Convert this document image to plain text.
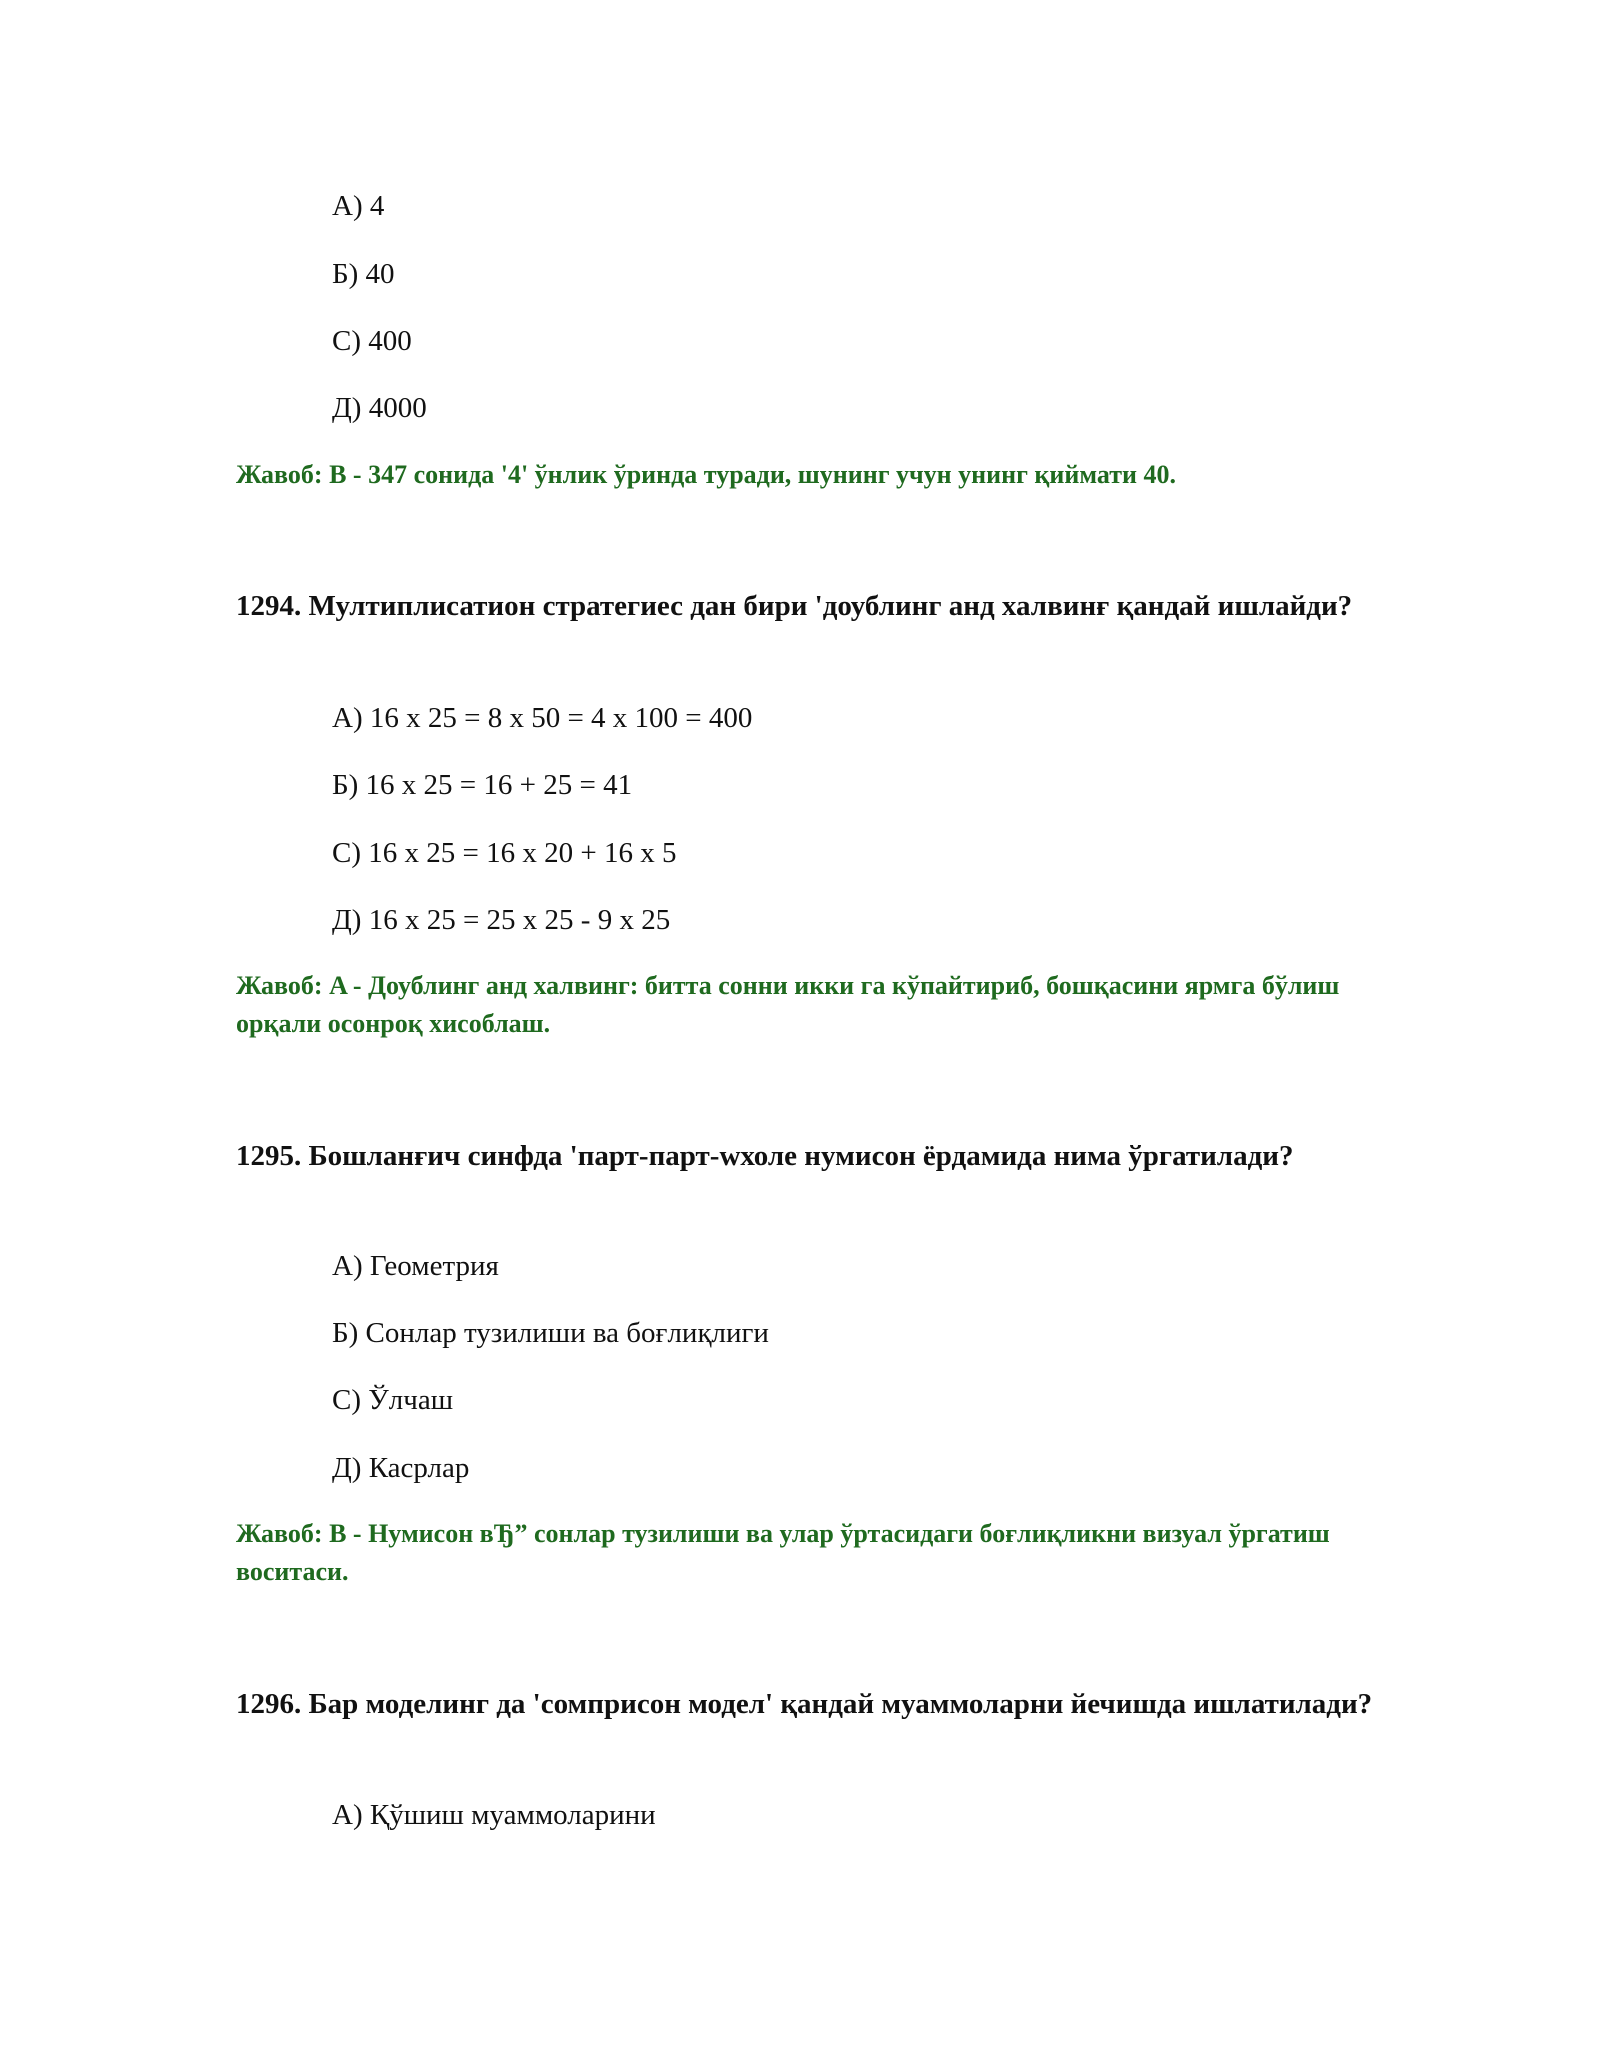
А) 4
Б) 40
С) 400
Д) 4000
Жавоб: B - 347 сонида '4' ўнлик ўринда туради, шунинг учун унинг қиймати 40.
1294. Мултиплисатион стратегиес дан бири 'доублинг анд халвинғ қандай ишлайди?
А) 16 x 25 = 8 x 50 = 4 x 100 = 400
Б) 16 x 25 = 16 + 25 = 41
С) 16 x 25 = 16 x 20 + 16 x 5
Д) 16 x 25 = 25 x 25 - 9 x 25
Жавоб: A - Доублинг анд халвинг: битта сонни икки га кўпайтириб, бошқасини ярмга бўлиш орқали осонроқ хисоблаш.
1295. Бошланғич синфда 'парт-парт-wхоле нумисон ёрдамида нима ўргатилади?
А) Геометрия
Б) Сонлар тузилиши ва боғлиқлиги
С) Ўлчаш
Д) Касрлар
Жавоб: B - Нумисон вЂ” сонлар тузилиши ва улар ўртасидаги боғлиқликни визуал ўргатиш воситаси.
1296. Бар моделинг да 'сомприсон модел' қандай муаммоларни йечишда ишлатилади?
А) Қўшиш муаммоларини
